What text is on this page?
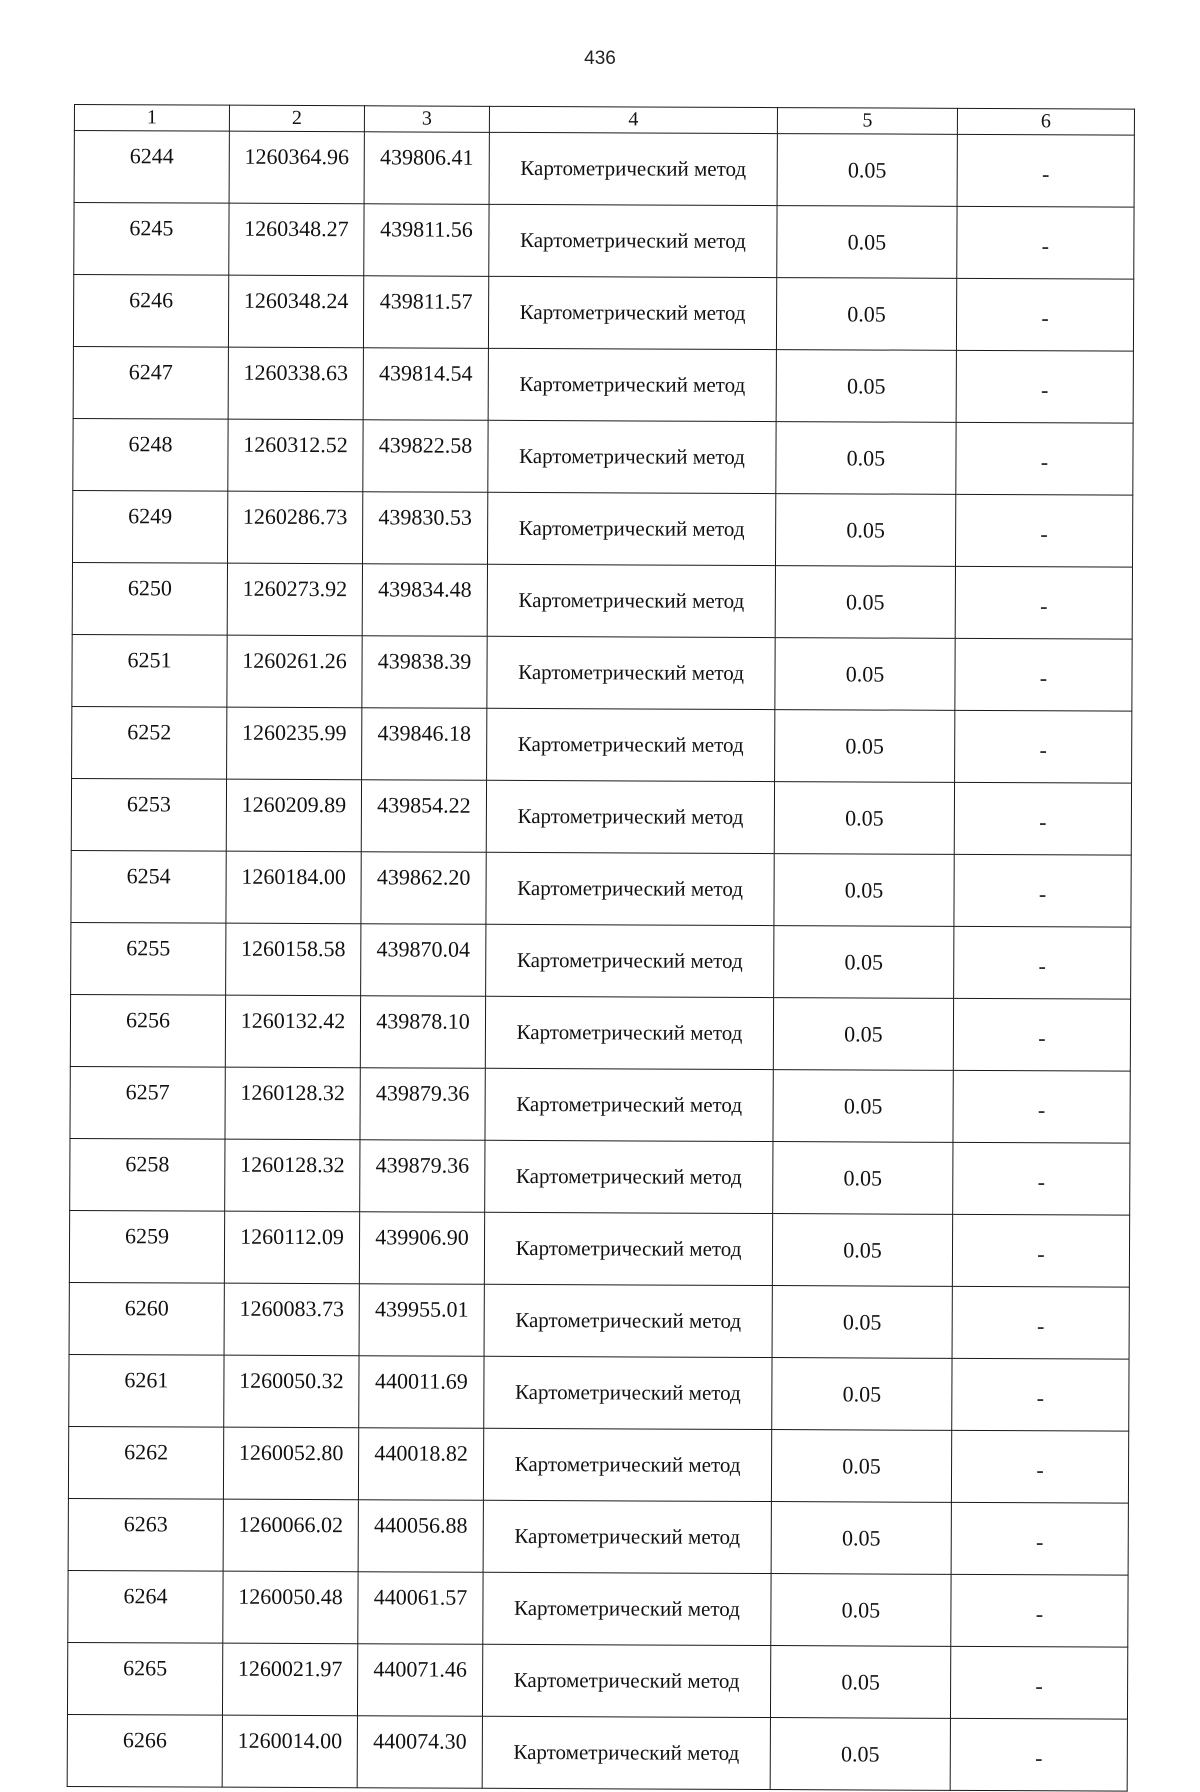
436
1	2	3	4	5	6
6244	1260364.96	439806.41	Картометрический метод	0.05	-
6245	1260348.27	439811.56	Картометрический метод	0.05	-
6246	1260348.24	439811.57	Картометрический метод	0.05	-
6247	1260338.63	439814.54	Картометрический метод	0.05	-
6248	1260312.52	439822.58	Картометрический метод	0.05	-
6249	1260286.73	439830.53	Картометрический метод	0.05	-
6250	1260273.92	439834.48	Картометрический метод	0.05	-
6251	1260261.26	439838.39	Картометрический метод	0.05	-
6252	1260235.99	439846.18	Картометрический метод	0.05	-
6253	1260209.89	439854.22	Картометрический метод	0.05	-
6254	1260184.00	439862.20	Картометрический метод	0.05	-
6255	1260158.58	439870.04	Картометрический метод	0.05	-
6256	1260132.42	439878.10	Картометрический метод	0.05	-
6257	1260128.32	439879.36	Картометрический метод	0.05	-
6258	1260128.32	439879.36	Картометрический метод	0.05	-
6259	1260112.09	439906.90	Картометрический метод	0.05	-
6260	1260083.73	439955.01	Картометрический метод	0.05	-
6261	1260050.32	440011.69	Картометрический метод	0.05	-
6262	1260052.80	440018.82	Картометрический метод	0.05	-
6263	1260066.02	440056.88	Картометрический метод	0.05	-
6264	1260050.48	440061.57	Картометрический метод	0.05	-
6265	1260021.97	440071.46	Картометрический метод	0.05	-
6266	1260014.00	440074.30	Картометрический метод	0.05	-
